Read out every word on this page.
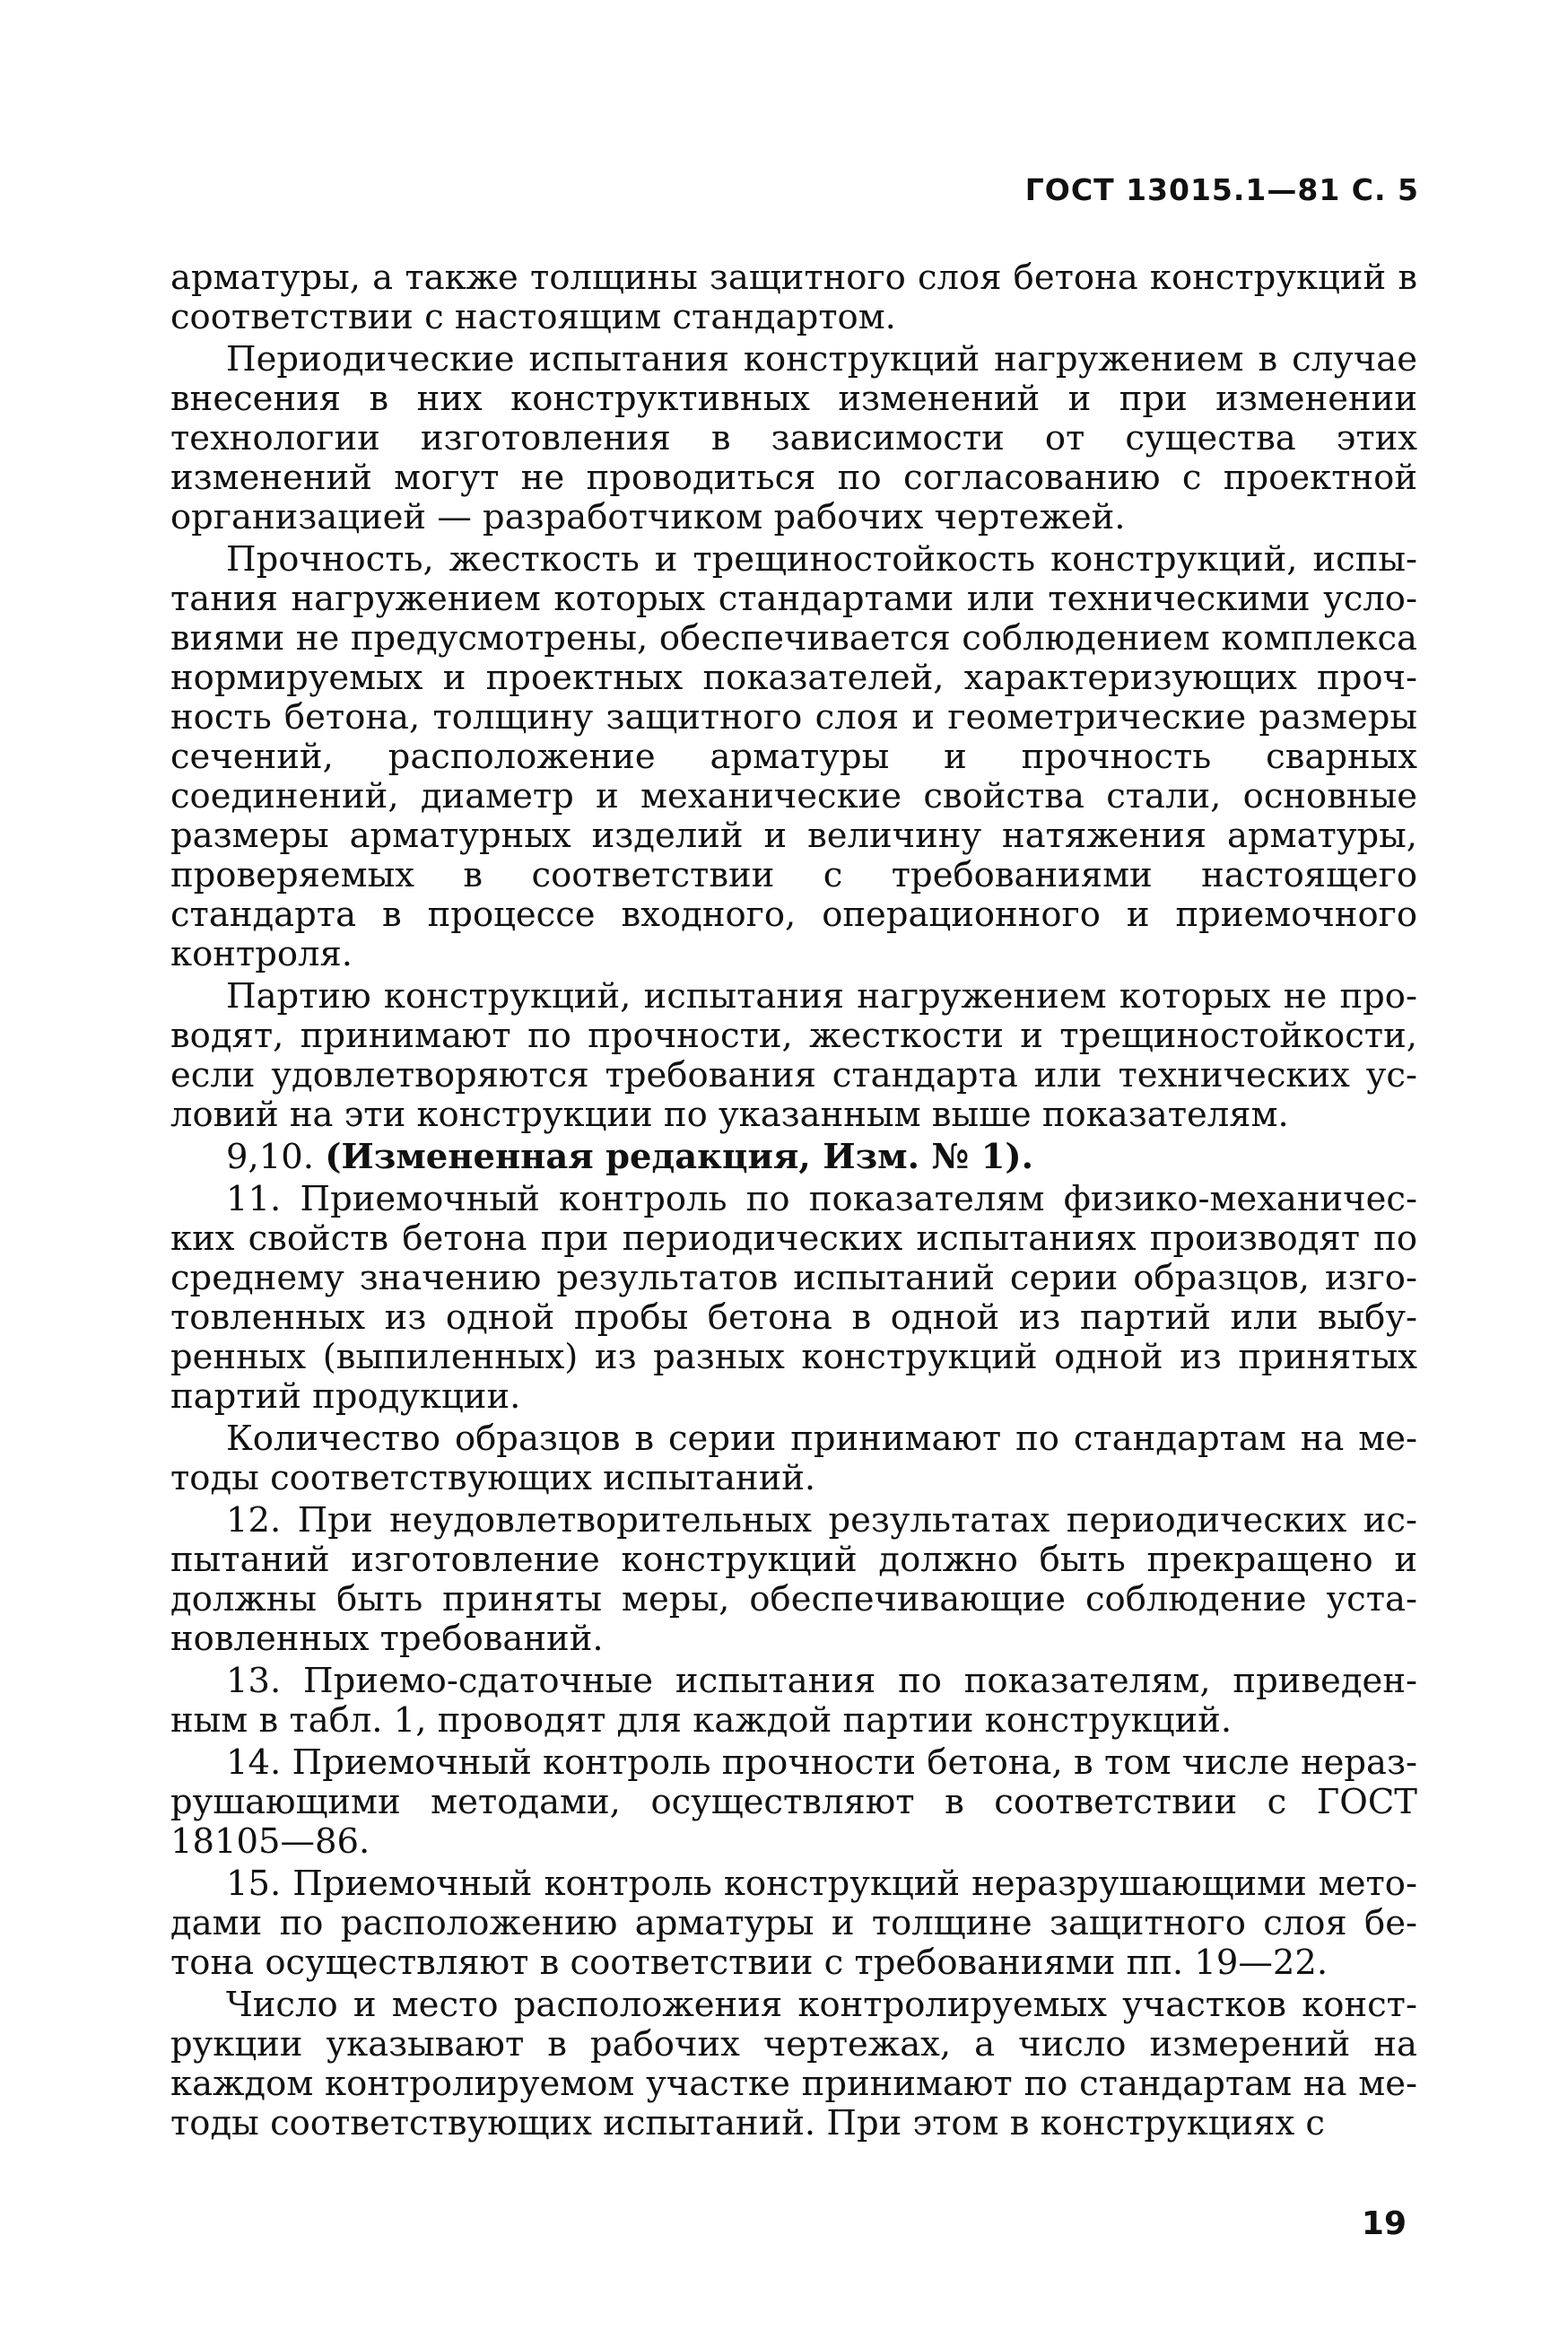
ГОСТ 13015.1—81 С. 5

арматуры, а также толщины защитного слоя бетона конструкций в соответствии с настоящим стандартом.

Периодические испытания конструкций нагружением в случае внесения в них конструктивных изменений и при изменении технологии изготовления в зависимости от существа этих изменений могут не проводиться по согласованию с проектной организацией — разработчиком рабочих чертежей.

Прочность, жесткость и трещиностойкость конструкций, испытания нагружением которых стандартами или техническими условиями не предусмотрены, обеспечивается соблюдением комплекса нормируемых и проектных показателей, характеризующих прочность бетона, толщину защитного слоя и геометрические размеры сечений, расположение арматуры и прочность сварных соединений, диаметр и механические свойства стали, основные размеры арматурных изделий и величину натяжения арматуры, проверяемых в соответствии с требованиями настоящего стандарта в процессе входного, операционного и приемочного контроля.

Партию конструкций, испытания нагружением которых не проводят, принимают по прочности, жесткости и трещиностойкости, если удовлетворяются требования стандарта или технических условий на эти конструкции по указанным выше показателям.

9,10. (Измененная редакция, Изм. № 1).

11. Приемочный контроль по показателям физико-механических свойств бетона при периодических испытаниях производят по среднему значению результатов испытаний серии образцов, изготовленных из одной пробы бетона в одной из партий или выбуренных (выпиленных) из разных конструкций одной из принятых партий продукции.

Количество образцов в серии принимают по стандартам на методы соответствующих испытаний.

12. При неудовлетворительных результатах периодических испытаний изготовление конструкций должно быть прекращено и должны быть приняты меры, обеспечивающие соблюдение установленных требований.

13. Приемо-сдаточные испытания по показателям, приведенным в табл. 1, проводят для каждой партии конструкций.

14. Приемочный контроль прочности бетона, в том числе неразрушающими методами, осуществляют в соответствии с ГОСТ 18105—86.

15. Приемочный контроль конструкций неразрушающими методами по расположению арматуры и толщине защитного слоя бетона осуществляют в соответствии с требованиями пп. 19—22.

Число и место расположения контролируемых участков конструкции указывают в рабочих чертежах, а число измерений на каждом контролируемом участке принимают по стандартам на методы соответствующих испытаний. При этом в конструкциях с

19
